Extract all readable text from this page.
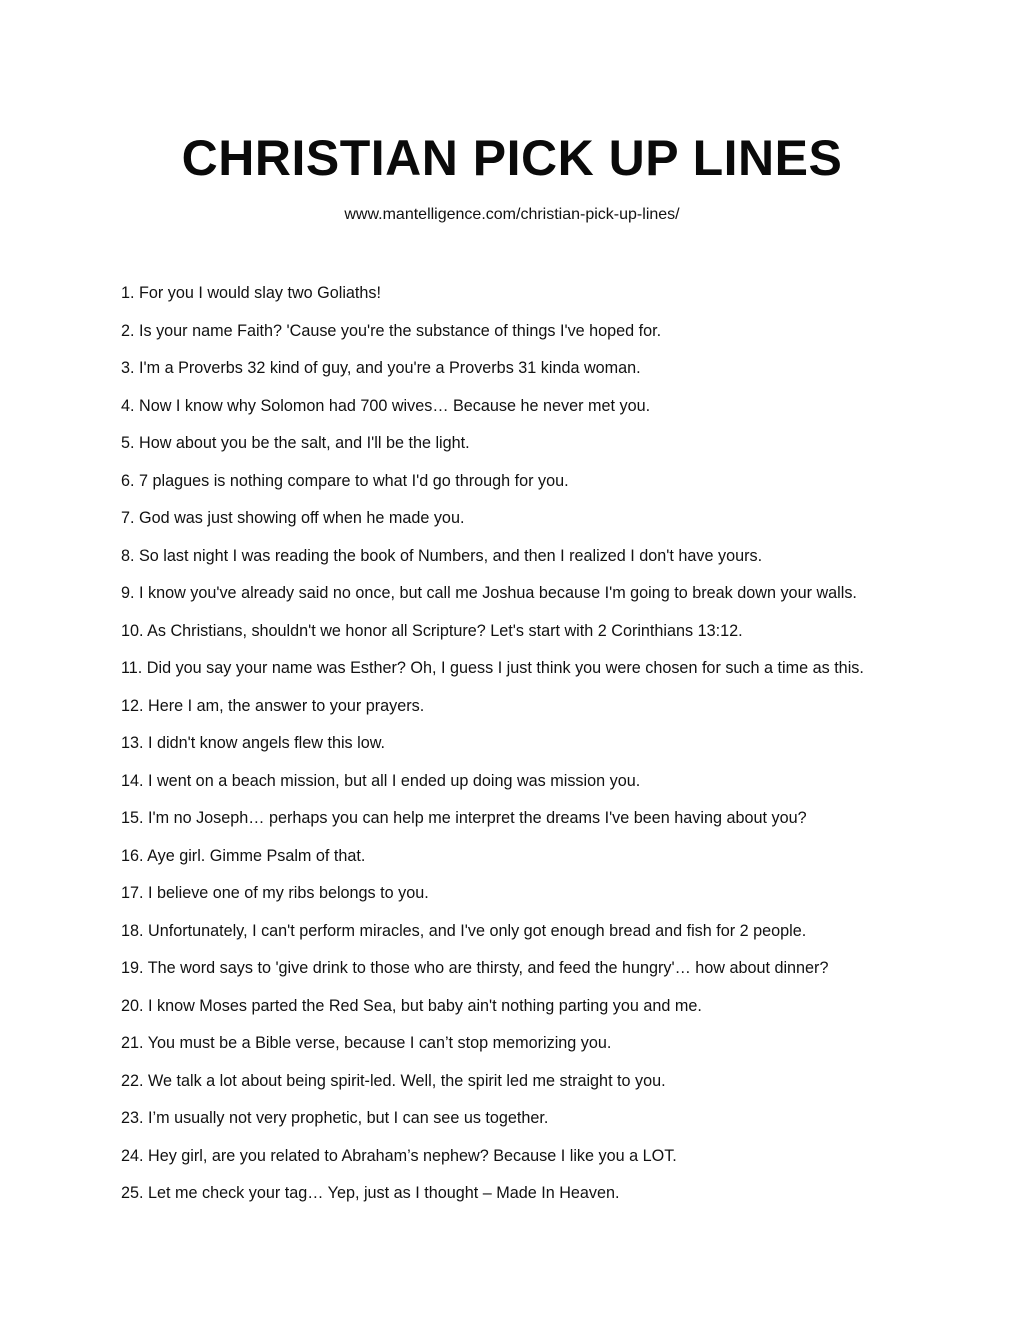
CHRISTIAN PICK UP LINES
www.mantelligence.com/christian-pick-up-lines/
1. For you I would slay two Goliaths!
2. Is your name Faith? 'Cause you're the substance of things I've hoped for.
3. I'm a Proverbs 32 kind of guy, and you're a Proverbs 31 kinda woman.
4. Now I know why Solomon had 700 wives… Because he never met you.
5. How about you be the salt, and I'll be the light.
6. 7 plagues is nothing compare to what I'd go through for you.
7. God was just showing off when he made you.
8. So last night I was reading the book of Numbers, and then I realized I don't have yours.
9. I know you've already said no once, but call me Joshua because I'm going to break down your walls.
10. As Christians, shouldn't we honor all Scripture? Let's start with 2 Corinthians 13:12.
11. Did you say your name was Esther? Oh, I guess I just think you were chosen for such a time as this.
12. Here I am, the answer to your prayers.
13. I didn't know angels flew this low.
14. I went on a beach mission, but all I ended up doing was mission you.
15. I'm no Joseph… perhaps you can help me interpret the dreams I've been having about you?
16. Aye girl. Gimme Psalm of that.
17. I believe one of my ribs belongs to you.
18. Unfortunately, I can't perform miracles, and I've only got enough bread and fish for 2 people.
19. The word says to 'give drink to those who are thirsty, and feed the hungry'… how about dinner?
20. I know Moses parted the Red Sea, but baby ain't nothing parting you and me.
21. You must be a Bible verse, because I can’t stop memorizing you.
22. We talk a lot about being spirit-led. Well, the spirit led me straight to you.
23. I’m usually not very prophetic, but I can see us together.
24. Hey girl, are you related to Abraham’s nephew? Because I like you a LOT.
25. Let me check your tag… Yep, just as I thought – Made In Heaven.
